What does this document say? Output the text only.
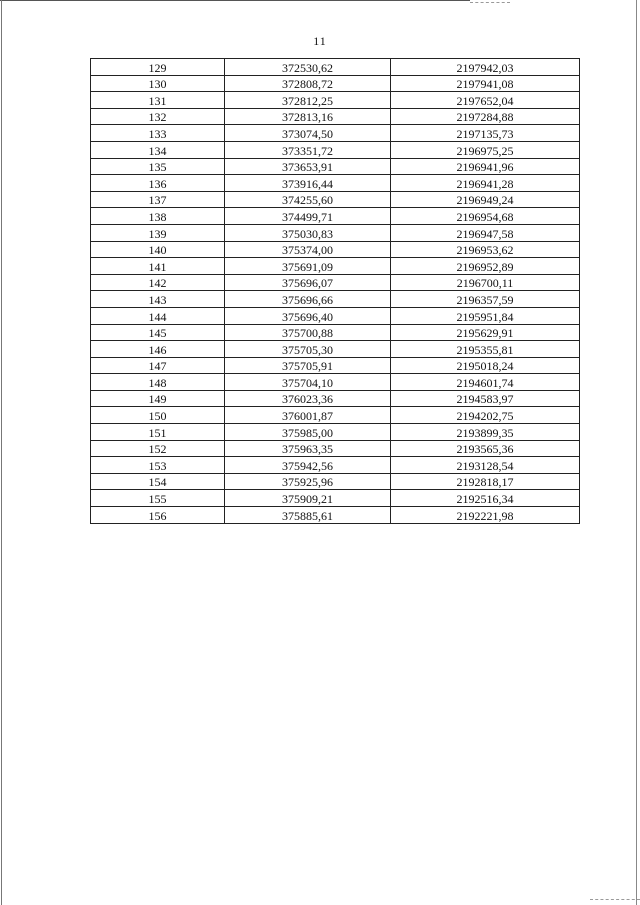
11
129	372530,62	2197942,03
130	372808,72	2197941,08
131	372812,25	2197652,04
132	372813,16	2197284,88
133	373074,50	2197135,73
134	373351,72	2196975,25
135	373653,91	2196941,96
136	373916,44	2196941,28
137	374255,60	2196949,24
138	374499,71	2196954,68
139	375030,83	2196947,58
140	375374,00	2196953,62
141	375691,09	2196952,89
142	375696,07	2196700,11
143	375696,66	2196357,59
144	375696,40	2195951,84
145	375700,88	2195629,91
146	375705,30	2195355,81
147	375705,91	2195018,24
148	375704,10	2194601,74
149	376023,36	2194583,97
150	376001,87	2194202,75
151	375985,00	2193899,35
152	375963,35	2193565,36
153	375942,56	2193128,54
154	375925,96	2192818,17
155	375909,21	2192516,34
156	375885,61	2192221,98
